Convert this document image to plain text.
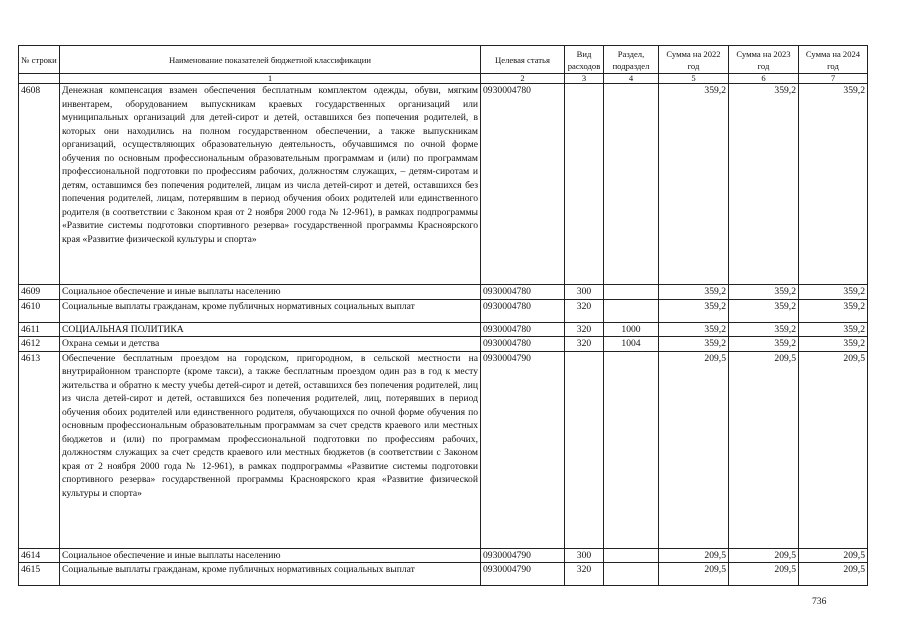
№ строки	Наименование показателей бюджетной классификации	Целевая статья	Вид расходов	Раздел, подраздел	Сумма на 2022 год	Сумма на 2023 год	Сумма на 2024 год
	1	2	3	4	5	6	7
4608	Денежная компенсация взамен обеспечения бесплатным комплектом одежды, обуви, мягким инвентарем, оборудованием выпускникам краевых государственных организаций или муниципальных организаций для детей-сирот и детей, оставшихся без попечения родителей, в которых они находились на полном государственном обеспечении, а также выпускникам организаций, осуществляющих образовательную деятельность, обучавшимся по очной форме обучения по основным профессиональным образовательным программам и (или) по программам профессиональной подготовки по профессиям рабочих, должностям служащих, – детям-сиротам и детям, оставшимся без попечения родителей, лицам из числа детей-сирот и детей, оставшихся без попечения родителей, лицам, потерявшим в период обучения обоих родителей или единственного родителя (в соответствии с Законом края от 2 ноября 2000 года № 12-961), в рамках подпрограммы «Развитие системы подготовки спортивного резерва» государственной программы Красноярского края «Развитие физической культуры и спорта»	0930004780			359,2	359,2	359,2
4609	Социальное обеспечение и иные выплаты населению	0930004780	300		359,2	359,2	359,2
4610	Социальные выплаты гражданам, кроме публичных нормативных социальных выплат	0930004780	320		359,2	359,2	359,2
4611	СОЦИАЛЬНАЯ ПОЛИТИКА	0930004780	320	1000	359,2	359,2	359,2
4612	Охрана семьи и детства	0930004780	320	1004	359,2	359,2	359,2
4613	Обеспечение бесплатным проездом на городском, пригородном, в сельской местности на внутрирайонном транспорте (кроме такси), а также бесплатным проездом один раз в год к месту жительства и обратно к месту учебы детей-сирот и детей, оставшихся без попечения родителей, лиц из числа детей-сирот и детей, оставшихся без попечения родителей, лиц, потерявших в период обучения обоих родителей или единственного родителя, обучающихся по очной форме обучения по основным профессиональным образовательным программам за счет средств краевого или местных бюджетов и (или) по программам профессиональной подготовки по профессиям рабочих, должностям служащих за счет средств краевого или местных бюджетов (в соответствии с Законом края от 2 ноября 2000 года № 12-961), в рамках подпрограммы «Развитие системы подготовки спортивного резерва» государственной программы Красноярского края «Развитие физической культуры и спорта»	0930004790			209,5	209,5	209,5
4614	Социальное обеспечение и иные выплаты населению	0930004790	300		209,5	209,5	209,5
4615	Социальные выплаты гражданам, кроме публичных нормативных социальных выплат	0930004790	320		209,5	209,5	209,5
736
